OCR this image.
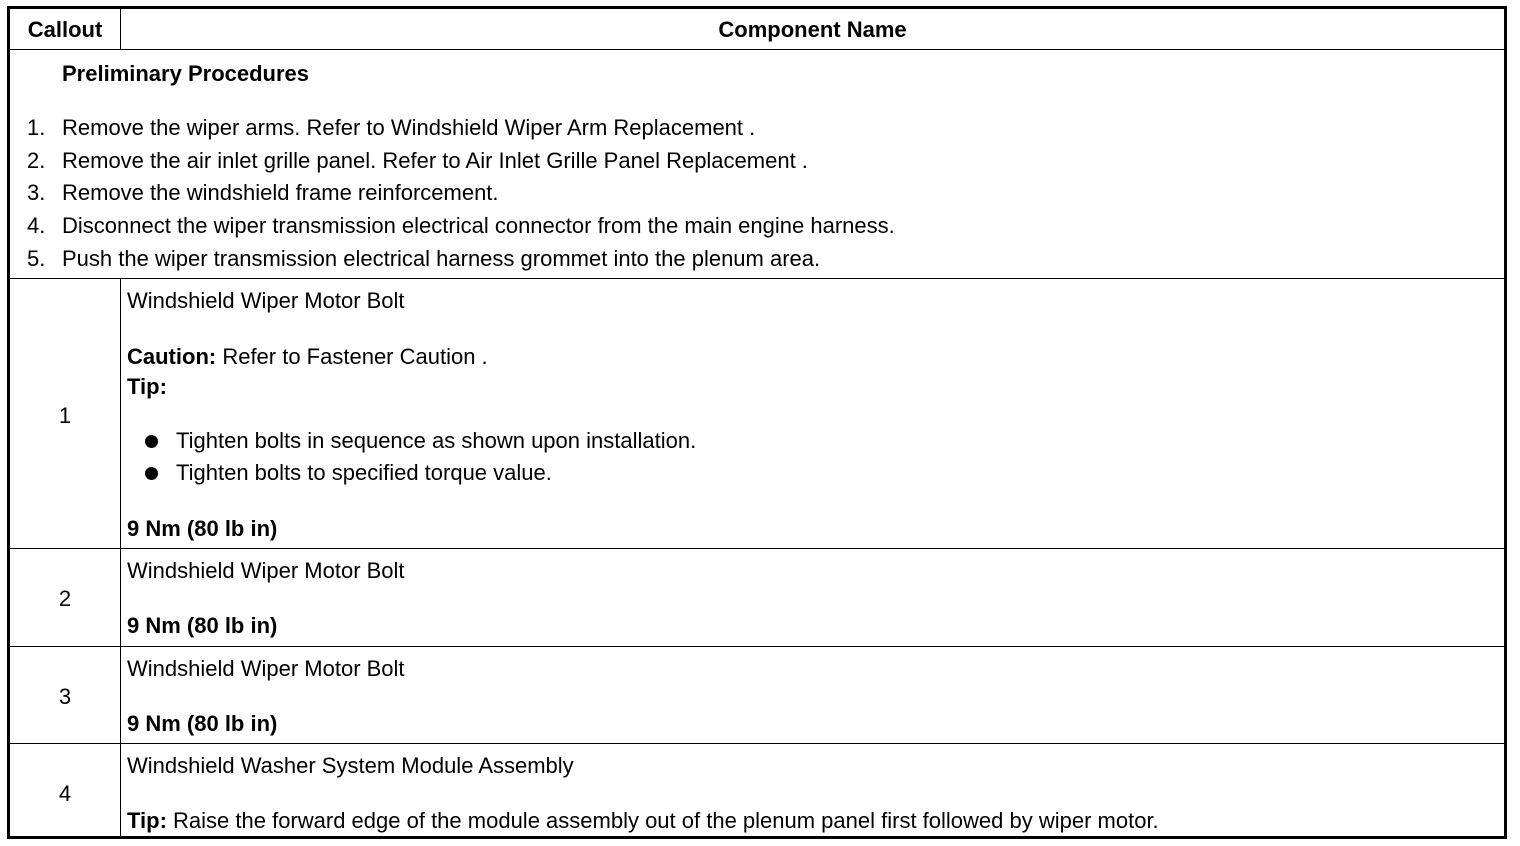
Callout	Component Name
Preliminary Procedures
1. Remove the wiper arms. Refer to Windshield Wiper Arm Replacement .
2. Remove the air inlet grille panel. Refer to Air Inlet Grille Panel Replacement .
3. Remove the windshield frame reinforcement.
4. Disconnect the wiper transmission electrical connector from the main engine harness.
5. Push the wiper transmission electrical harness grommet into the plenum area.
1
Windshield Wiper Motor Bolt
Caution: Refer to Fastener Caution .
Tip:
Tighten bolts in sequence as shown upon installation.
Tighten bolts to specified torque value.
9 Nm (80 lb in)
2
Windshield Wiper Motor Bolt
9 Nm (80 lb in)
3
Windshield Wiper Motor Bolt
9 Nm (80 lb in)
4
Windshield Washer System Module Assembly
Tip: Raise the forward edge of the module assembly out of the plenum panel first followed by wiper motor.
